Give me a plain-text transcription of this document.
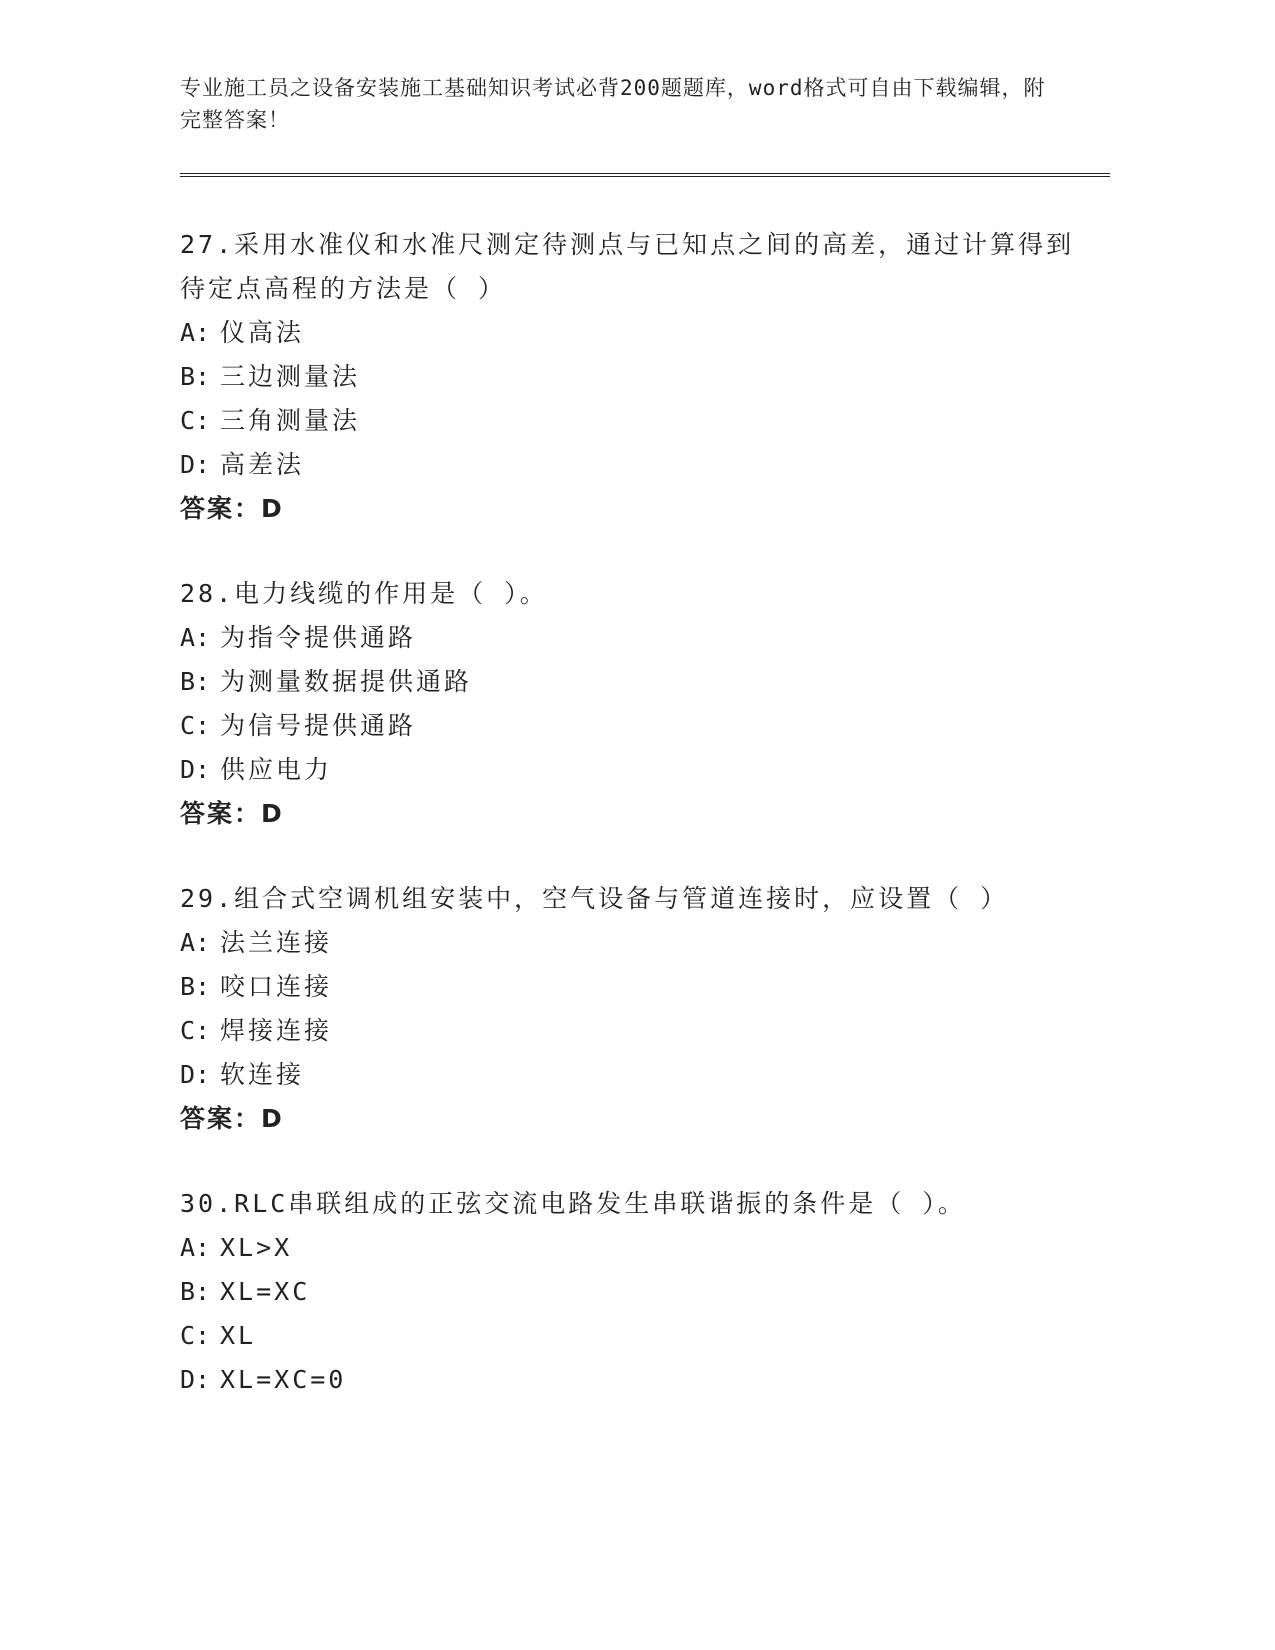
专业施工员之设备安装施工基础知识考试必背200题题库，word格式可自由下载编辑，附完整答案！

27.采用水准仪和水准尺测定待测点与已知点之间的高差，通过计算得到待定点高程的方法是（ ）

A: 仪高法

B: 三边测量法

C: 三角测量法

D: 高差法

答案：D

28.电力线缆的作用是（ ）。

A: 为指令提供通路

B: 为测量数据提供通路

C: 为信号提供通路

D: 供应电力

答案：D

29.组合式空调机组安装中，空气设备与管道连接时，应设置（ ）

A: 法兰连接

B: 咬口连接

C: 焊接连接

D: 软连接

答案：D

30.RLC串联组成的正弦交流电路发生串联谐振的条件是（ ）。

A: XL>X

B: XL=XC

C: XL

D: XL=XC=0
